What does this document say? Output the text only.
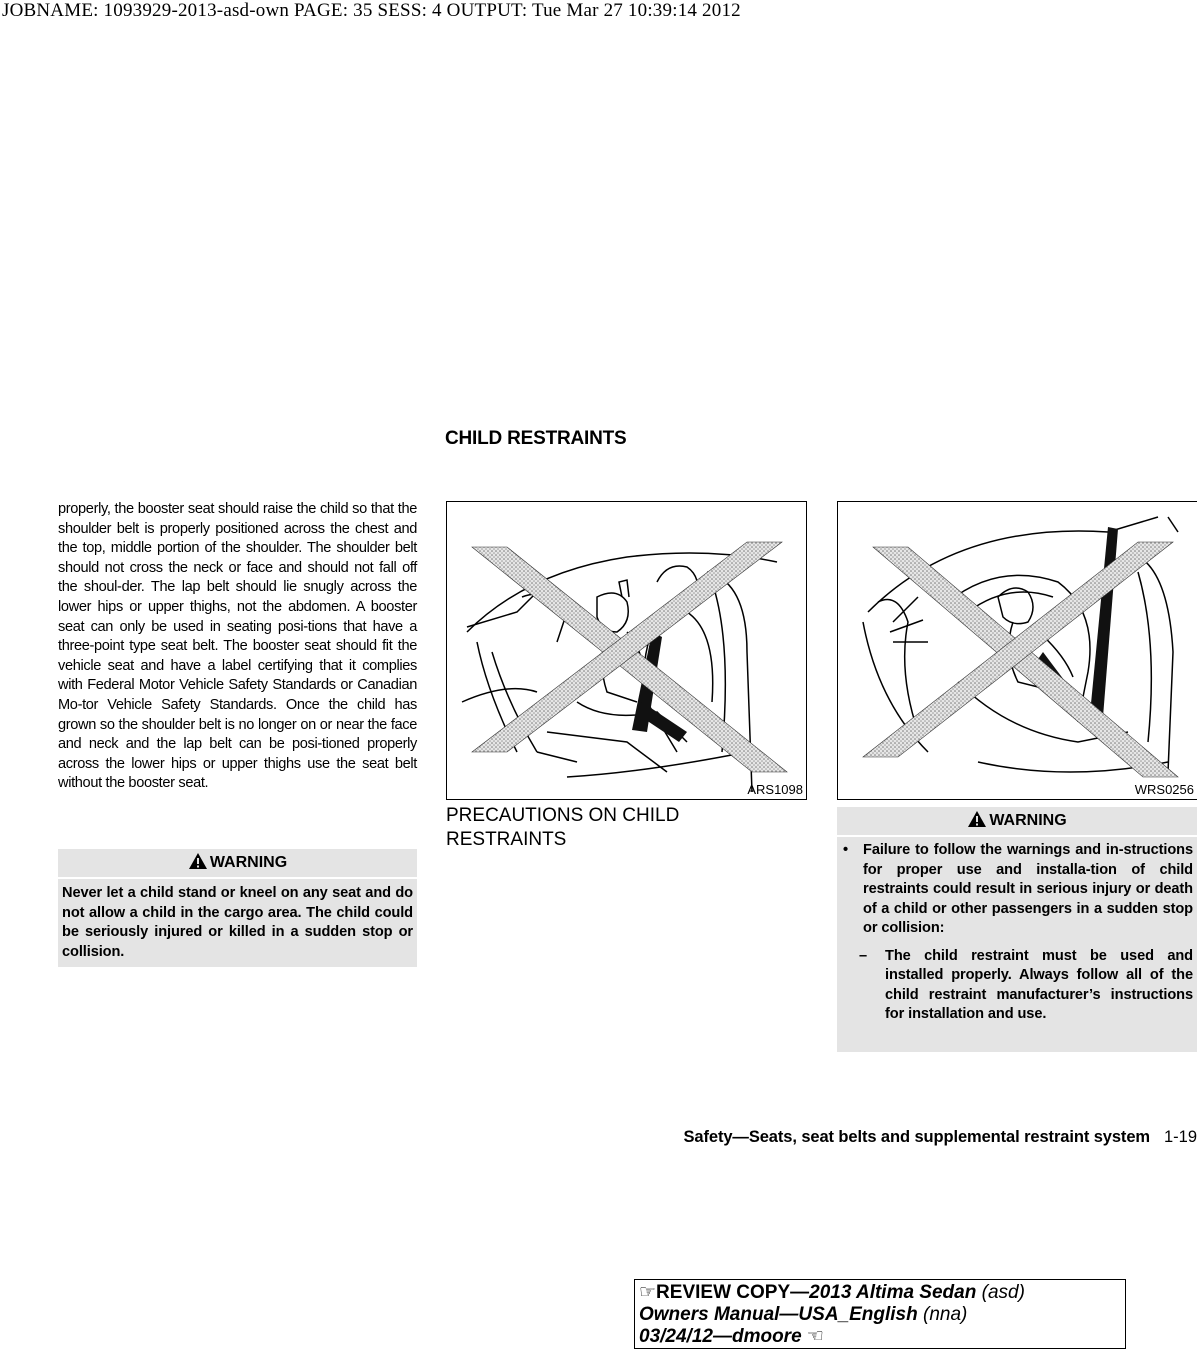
JOBNAME: 1093929-2013-asd-own PAGE: 35 SESS: 4 OUTPUT: Tue Mar 27 10:39:14 2012
CHILD RESTRAINTS
properly, the booster seat should raise the child so that the shoulder belt is properly positioned across the chest and the top, middle portion of the shoulder. The shoulder belt should not cross the neck or face and should not fall off the shoul-der. The lap belt should lie snugly across the lower hips or upper thighs, not the abdomen. A booster seat can only be used in seating posi-tions that have a three-point type seat belt. The booster seat should fit the vehicle seat and have a label certifying that it complies with Federal Motor Vehicle Safety Standards or Canadian Mo-tor Vehicle Safety Standards. Once the child has grown so the shoulder belt is no longer on or near the face and neck and the lap belt can be posi-tioned properly across the lower hips or upper thighs use the seat belt without the booster seat.
WARNING
Never let a child stand or kneel on any seat and do not allow a child in the cargo area. The child could be seriously injured or killed in a sudden stop or collision.
ARS1098	WRS0256
PRECAUTIONS ON CHILD RESTRAINTS
WARNING
•	Failure to follow the warnings and in-structions for proper use and installa-tion of child restraints could result in serious injury or death of a child or other passengers in a sudden stop or collision:
–	The child restraint must be used and installed properly. Always follow all of the child restraint manufacturer’s instructions for installation and use.
Safety—Seats, seat belts and supplemental restraint system 1-19
☞REVIEW COPY—2013 Altima Sedan (asd)
Owners Manual—USA_English (nna)
03/24/12—dmoore ☜
